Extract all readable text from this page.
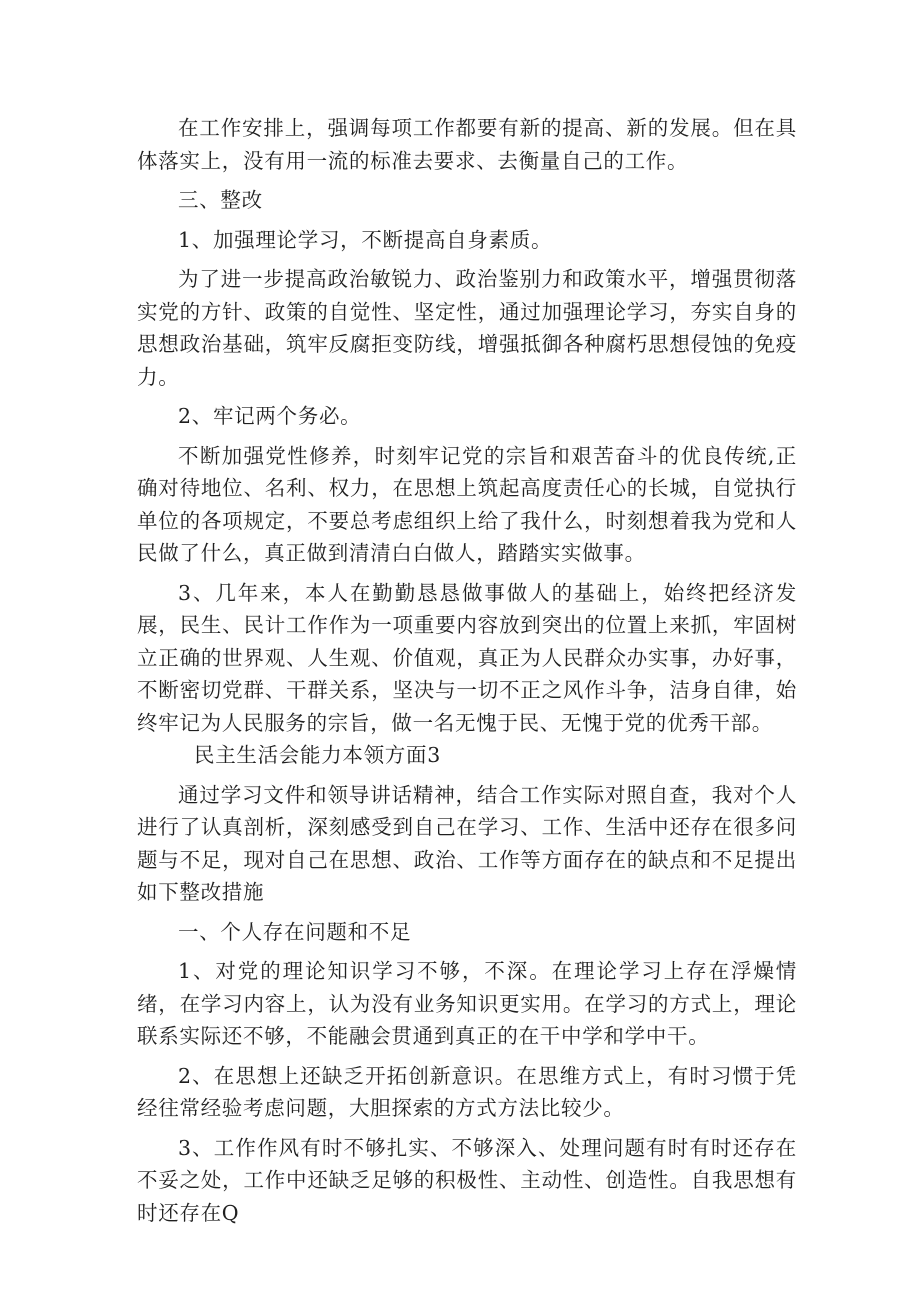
在工作安排上，强调每项工作都要有新的提高、新的发展。但在具体落实上，没有用一流的标准去要求、去衡量自己的工作。

三、整改

1、加强理论学习，不断提高自身素质。

为了进一步提高政治敏锐力、政治鉴别力和政策水平，增强贯彻落实党的方针、政策的自觉性、坚定性，通过加强理论学习，夯实自身的思想政治基础，筑牢反腐拒变防线，增强抵御各种腐朽思想侵蚀的免疫力。

2、牢记两个务必。

不断加强党性修养，时刻牢记党的宗旨和艰苦奋斗的优良传统,正确对待地位、名利、权力，在思想上筑起高度责任心的长城，自觉执行单位的各项规定，不要总考虑组织上给了我什么，时刻想着我为党和人民做了什么，真正做到清清白白做人，踏踏实实做事。

3、几年来，本人在勤勤恳恳做事做人的基础上，始终把经济发展，民生、民计工作作为一项重要内容放到突出的位置上来抓，牢固树立正确的世界观、人生观、价值观，真正为人民群众办实事，办好事，不断密切党群、干群关系，坚决与一切不正之风作斗争，洁身自律，始终牢记为人民服务的宗旨，做一名无愧于民、无愧于党的优秀干部。

民主生活会能力本领方面3

通过学习文件和领导讲话精神，结合工作实际对照自查，我对个人进行了认真剖析，深刻感受到自己在学习、工作、生活中还存在很多问题与不足，现对自己在思想、政治、工作等方面存在的缺点和不足提出如下整改措施

一、个人存在问题和不足

1、对党的理论知识学习不够，不深。在理论学习上存在浮燥情绪，在学习内容上，认为没有业务知识更实用。在学习的方式上，理论联系实际还不够，不能融会贯通到真正的在干中学和学中干。

2、在思想上还缺乏开拓创新意识。在思维方式上，有时习惯于凭经往常经验考虑问题，大胆探索的方式方法比较少。

3、工作作风有时不够扎实、不够深入、处理问题有时有时还存在不妥之处，工作中还缺乏足够的积极性、主动性、创造性。自我思想有时还存在Q
